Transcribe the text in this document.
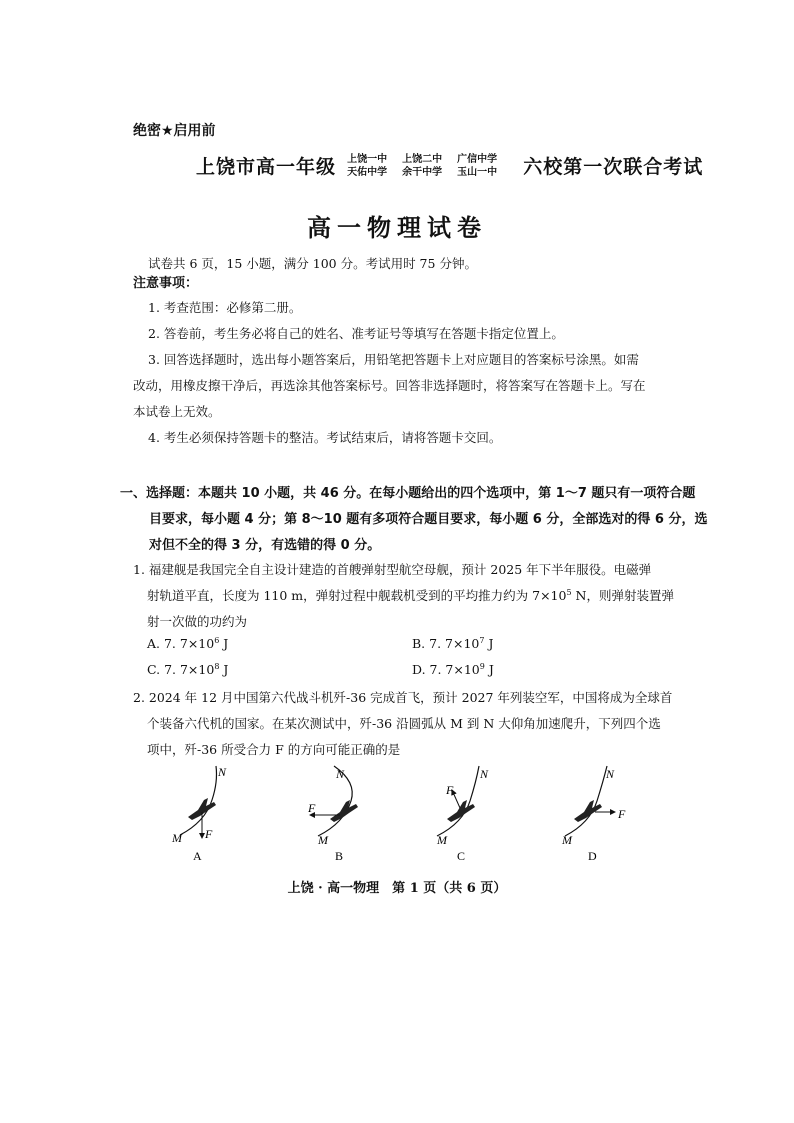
绝密★启用前
上饶市高一年级 上饶一中 上饶二中 广信中学
天佑中学 余干中学 玉山一中 六校第一次联合考试
高一物理试卷
试卷共 6 页，15 小题，满分 100 分。考试用时 75 分钟。
注意事项：
1. 考查范围：必修第二册。
2. 答卷前，考生务必将自己的姓名、准考证号等填写在答题卡指定位置上。
3. 回答选择题时，选出每小题答案后，用铅笔把答题卡上对应题目的答案标号涂黑。如需
改动，用橡皮擦干净后，再选涂其他答案标号。回答非选择题时，将答案写在答题卡上。写在
本试卷上无效。
4. 考生必须保持答题卡的整洁。考试结束后，请将答题卡交回。
一、选择题：本题共 10 小题，共 46 分。在每小题给出的四个选项中，第 1～7 题只有一项符合题
目要求，每小题 4 分；第 8～10 题有多项符合题目要求，每小题 6 分，全部选对的得 6 分，选
对但不全的得 3 分，有选错的得 0 分。
1. 福建舰是我国完全自主设计建造的首艘弹射型航空母舰，预计 2025 年下半年服役。电磁弹
射轨道平直，长度为 110 m，弹射过程中舰载机受到的平均推力约为 $7\times 10^5$ N，则弹射装置弹
射一次做的功约为
A. 7. $7\times 10^6$ J	B. 7. $7\times 10^7$ J
C. 7. $7\times 10^8$ J	D. 7. $7\times 10^9$ J
2. 2024 年 12 月中国第六代战斗机歼-36 完成首飞，预计 2027 年列装空军，中国将成为全球首
个装备六代机的国家。在某次测试中，歼-36 沿圆弧从 M 到 N 大仰角加速爬升，下列四个选
项中，歼-36 所受合力 F 的方向可能正确的是
N
M F
A
N
M
F
B
N
M
F
C
N
M
F
D
上饶 · 高一物理　第 1 页（共 6 页）
